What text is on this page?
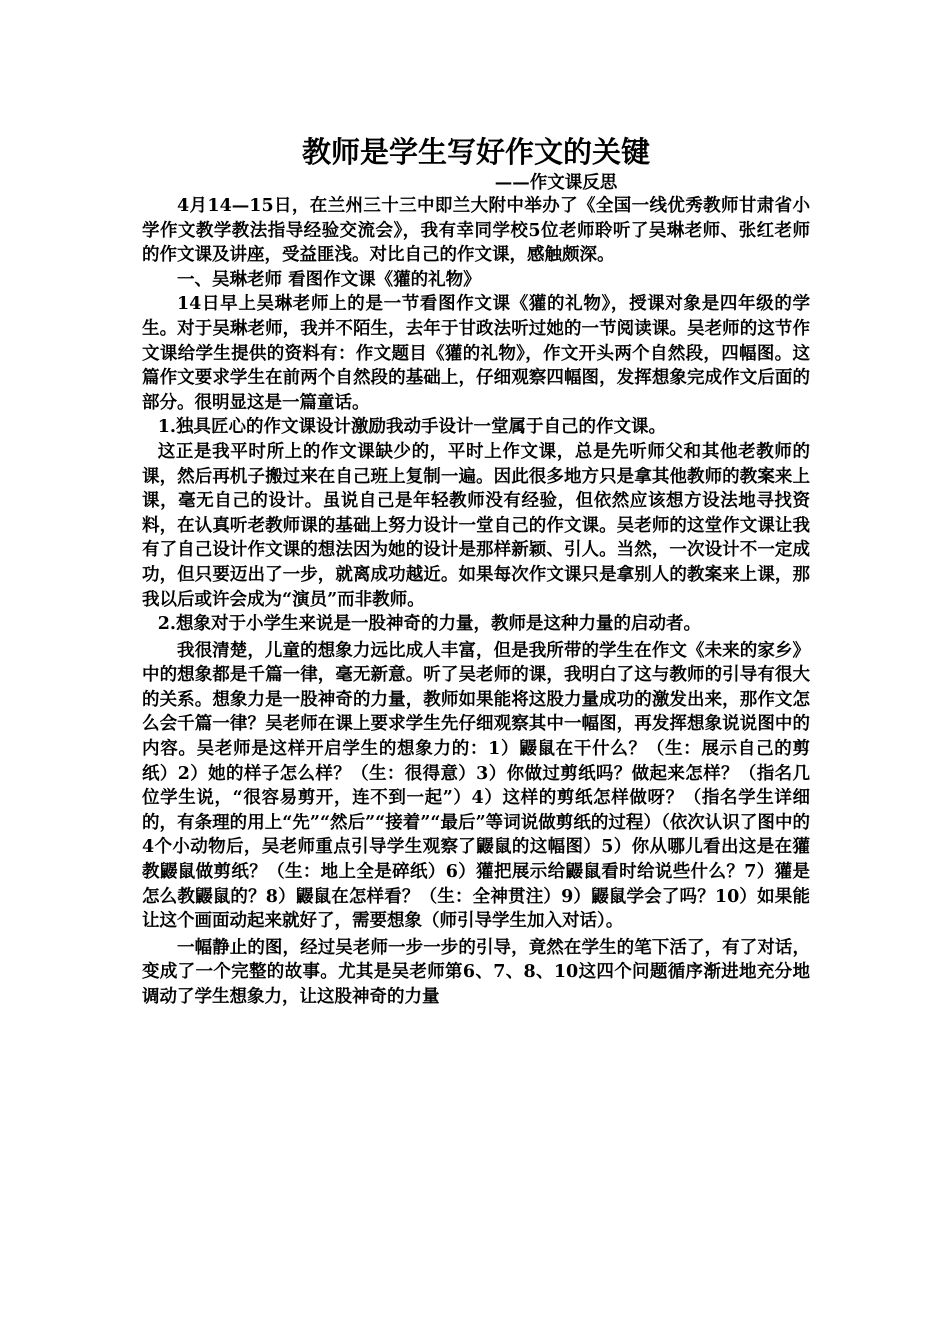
教师是学生写好作文的关键
——作文课反思

4月14—15日，在兰州三十三中即兰大附中举办了《全国一线优秀教师甘肃省小学作文教学教法指导经验交流会》，我有幸同学校5位老师聆听了吴琳老师、张红老师的作文课及讲座，受益匪浅。对比自己的作文课，感触颇深。

一、吴琳老师 看图作文课《獾的礼物》

14日早上吴琳老师上的是一节看图作文课《獾的礼物》，授课对象是四年级的学生。对于吴琳老师，我并不陌生，去年于甘政法听过她的一节阅读课。吴老师的这节作文课给学生提供的资料有：作文题目《獾的礼物》，作文开头两个自然段，四幅图。这篇作文要求学生在前两个自然段的基础上，仔细观察四幅图，发挥想象完成作文后面的部分。很明显这是一篇童话。

1.独具匠心的作文课设计激励我动手设计一堂属于自己的作文课。

这正是我平时所上的作文课缺少的，平时上作文课，总是先听师父和其他老教师的课，然后再机子搬过来在自己班上复制一遍。因此很多地方只是拿其他教师的教案来上课，毫无自己的设计。虽说自己是年轻教师没有经验，但依然应该想方设法地寻找资料，在认真听老教师课的基础上努力设计一堂自己的作文课。吴老师的这堂作文课让我有了自己设计作文课的想法因为她的设计是那样新颖、引人。当然，一次设计不一定成功，但只要迈出了一步，就离成功越近。如果每次作文课只是拿别人的教案来上课，那我以后或许会成为“演员”而非教师。

2.想象对于小学生来说是一股神奇的力量，教师是这种力量的启动者。

我很清楚，儿童的想象力远比成人丰富，但是我所带的学生在作文《未来的家乡》中的想象都是千篇一律，毫无新意。听了吴老师的课，我明白了这与教师的引导有很大的关系。想象力是一股神奇的力量，教师如果能将这股力量成功的激发出来，那作文怎么会千篇一律？吴老师在课上要求学生先仔细观察其中一幅图，再发挥想象说说图中的内容。吴老师是这样开启学生的想象力的：1）鼹鼠在干什么？（生：展示自己的剪纸）2）她的样子怎么样？（生：很得意）3）你做过剪纸吗？做起来怎样？（指名几位学生说，“很容易剪开，连不到一起”）4）这样的剪纸怎样做呀？（指名学生详细的，有条理的用上“先”“然后”“接着”“最后”等词说做剪纸的过程）（依次认识了图中的4个小动物后，吴老师重点引导学生观察了鼹鼠的这幅图）5）你从哪儿看出这是在獾教鼹鼠做剪纸？（生：地上全是碎纸）6）獾把展示给鼹鼠看时给说些什么？7）獾是怎么教鼹鼠的？8）鼹鼠在怎样看？（生：全神贯注）9）鼹鼠学会了吗？10）如果能让这个画面动起来就好了，需要想象（师引导学生加入对话）。

一幅静止的图，经过吴老师一步一步的引导，竟然在学生的笔下活了，有了对话，变成了一个完整的故事。尤其是吴老师第6、7、8、10这四个问题循序渐进地充分地调动了学生想象力，让这股神奇的力量
